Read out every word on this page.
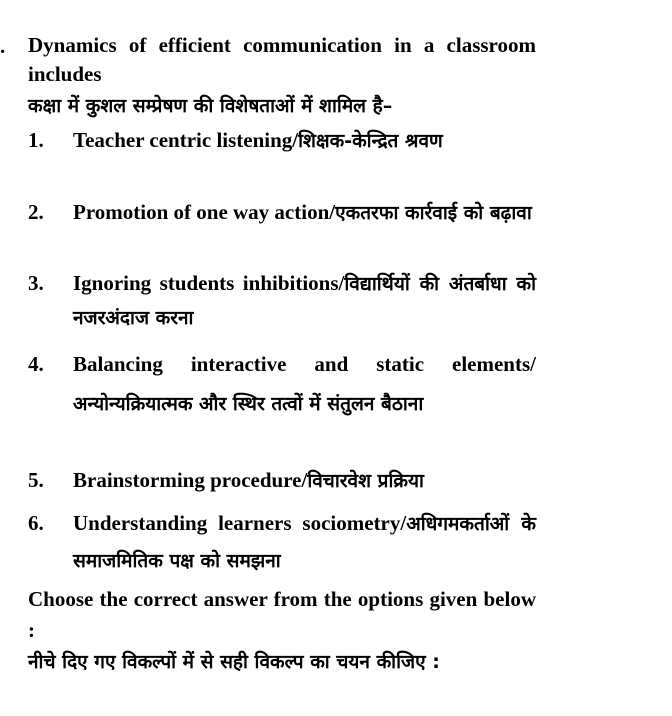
. Dynamics of efficient communication in a classroom includes
कक्षा में कुशल सम्प्रेषण की विशेषताओं में शामिल है–
1.	Teacher centric listening/शिक्षक-केन्द्रित श्रवण
2.	Promotion of one way action/एकतरफा कार्रवाई को बढ़ावा
3.	Ignoring students inhibitions/विद्यार्थियों की अंतर्बाधा को नजरअंदाज करना
4.	Balancing interactive and static elements/अन्योन्यक्रियात्मक और स्थिर तत्वों में संतुलन बैठाना
5.	Brainstorming procedure/विचारवेश प्रक्रिया
6.	Understanding learners sociometry/अधिगमकर्ताओं के समाजमितिक पक्ष को समझना
Choose the correct answer from the options given below :
नीचे दिए गए विकल्पों में से सही विकल्प का चयन कीजिए :
